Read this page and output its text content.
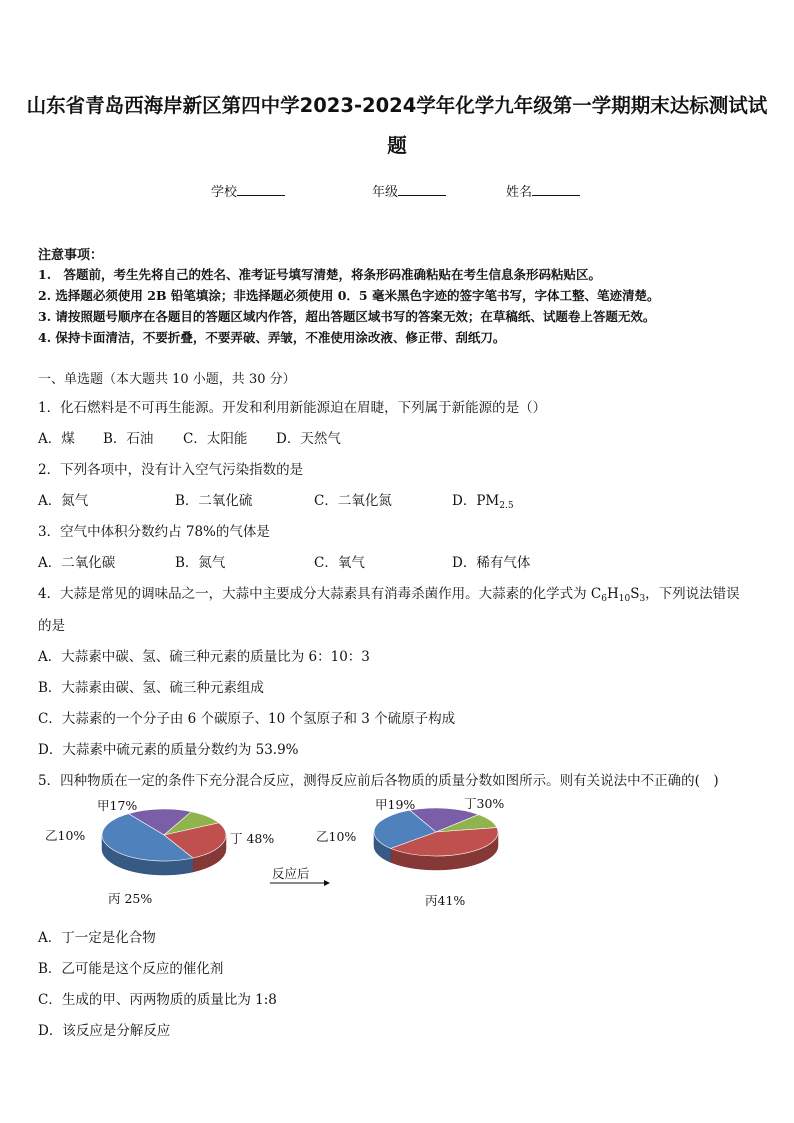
山东省青岛西海岸新区第四中学2023-2024学年化学九年级第一学期期末达标测试试
题
学校	年级	姓名
注意事项：
1.　答题前，考生先将自己的姓名、准考证号填写清楚，将条形码准确粘贴在考生信息条形码粘贴区。
2. 选择题必须使用 2B 铅笔填涂；非选择题必须使用 0．5 毫米黑色字迹的签字笔书写，字体工整、笔迹清楚。
3. 请按照题号顺序在各题目的答题区域内作答，超出答题区域书写的答案无效；在草稿纸、试题卷上答题无效。
4. 保持卡面清洁，不要折叠，不要弄破、弄皱，不准使用涂改液、修正带、刮纸刀。
一、单选题（本大题共 10 小题，共 30 分）
1．化石燃料是不可再生能源。开发和利用新能源迫在眉睫，下列属于新能源的是（）
A．煤 B．石油 C．太阳能 D．天然气
2．下列各项中，没有计入空气污染指数的是
A．氮气	B．二氧化硫	C．二氧化氮	D．$PM_{2.5}$
3．空气中体积分数约占 78%的气体是
A．二氧化碳	B．氮气	C．氧气	D．稀有气体
4．大蒜是常见的调味品之一，大蒜中主要成分大蒜素具有消毒杀菌作用。大蒜素的化学式为 $C_6H_{10}S_3$，下列说法错误
的是
A．大蒜素中碳、氢、硫三种元素的质量比为 6：10：3
B．大蒜素由碳、氢、硫三种元素组成
C．大蒜素的一个分子由 6 个碳原子、10 个氢原子和 3 个硫原子构成
D．大蒜素中硫元素的质量分数约为 53.9%
5．四种物质在一定的条件下充分混合反应，测得反应前后各物质的质量分数如图所示。则有关说法中不正确的(　)
甲17%
乙10%
丙 25%
丁 48%
甲19%
乙10%
丙41%
丁30%
反应后
A．丁一定是化合物
B．乙可能是这个反应的催化剂
C．生成的甲、丙两物质的质量比为 1:8
D．该反应是分解反应
